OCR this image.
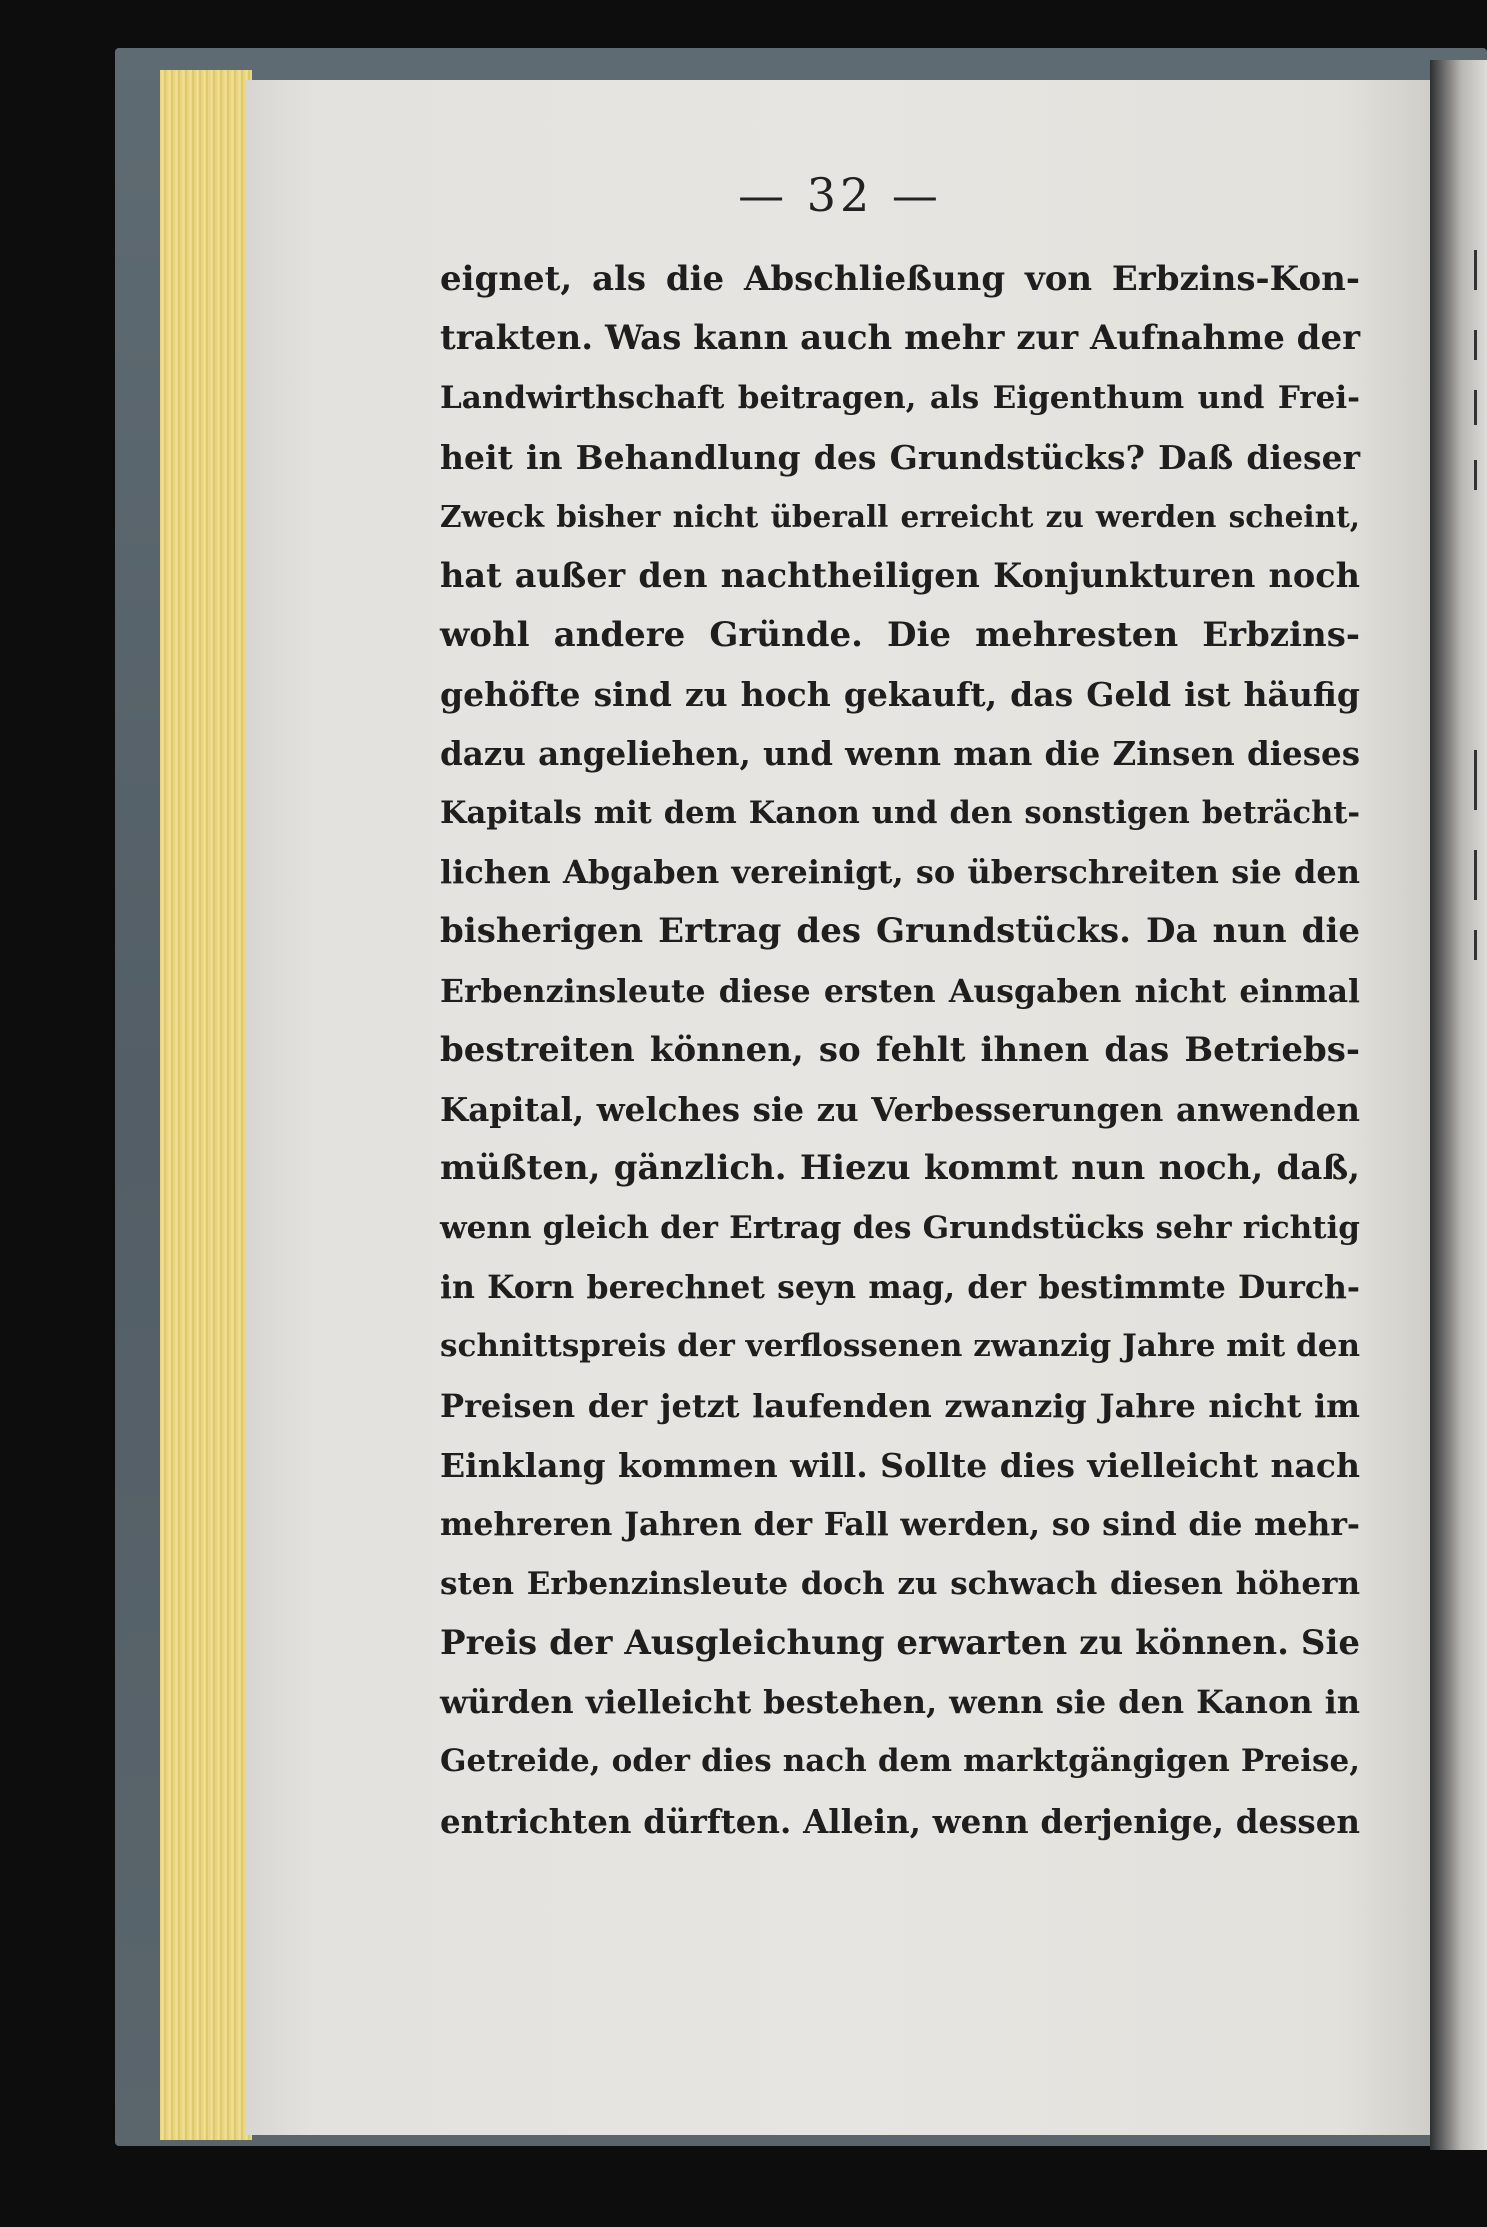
— 32 —
eignet, als die Abschließung von Erbzins-Kon-
trakten. Was kann auch mehr zur Aufnahme der
Landwirthschaft beitragen, als Eigenthum und Frei-
heit in Behandlung des Grundstücks? Daß dieser
Zweck bisher nicht überall erreicht zu werden scheint,
hat außer den nachtheiligen Konjunkturen noch
wohl andere Gründe. Die mehresten Erbzins-
gehöfte sind zu hoch gekauft, das Geld ist häufig
dazu angeliehen, und wenn man die Zinsen dieses
Kapitals mit dem Kanon und den sonstigen beträcht-
lichen Abgaben vereinigt, so überschreiten sie den
bisherigen Ertrag des Grundstücks. Da nun die
Erbenzinsleute diese ersten Ausgaben nicht einmal
bestreiten können, so fehlt ihnen das Betriebs-
Kapital, welches sie zu Verbesserungen anwenden
müßten, gänzlich. Hiezu kommt nun noch, daß,
wenn gleich der Ertrag des Grundstücks sehr richtig
in Korn berechnet seyn mag, der bestimmte Durch-
schnittspreis der verflossenen zwanzig Jahre mit den
Preisen der jetzt laufenden zwanzig Jahre nicht im
Einklang kommen will. Sollte dies vielleicht nach
mehreren Jahren der Fall werden, so sind die mehr-
sten Erbenzinsleute doch zu schwach diesen höhern
Preis der Ausgleichung erwarten zu können. Sie
würden vielleicht bestehen, wenn sie den Kanon in
Getreide, oder dies nach dem marktgängigen Preise,
entrichten dürften. Allein, wenn derjenige, dessen
